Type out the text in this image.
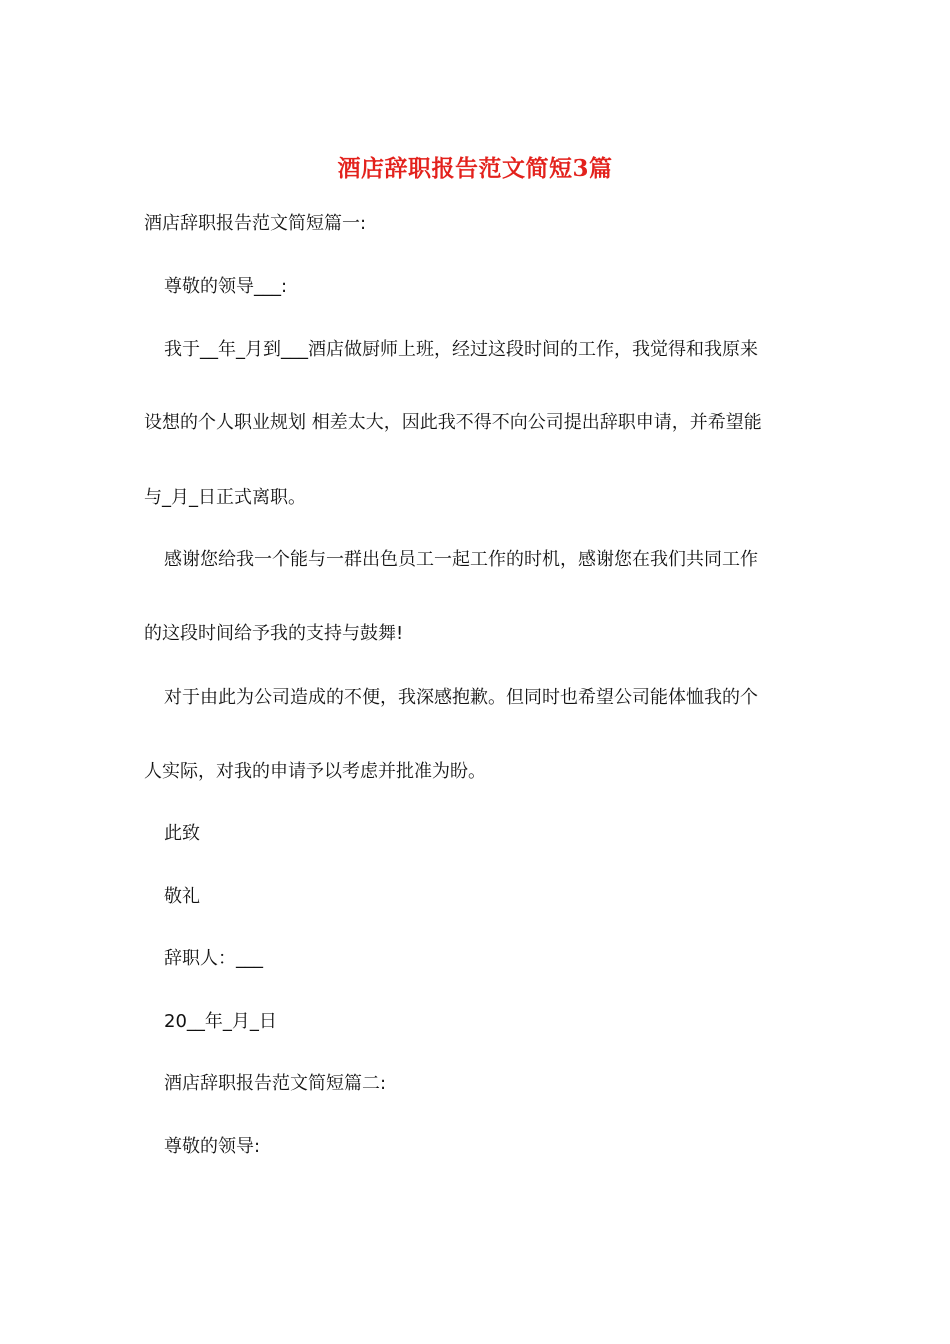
酒店辞职报告范文简短3篇

酒店辞职报告范文简短篇一:

尊敬的领导___:

我于__年_月到___酒店做厨师上班，经过这段时间的工作，我觉得和我原来

设想的个人职业规划 相差太大，因此我不得不向公司提出辞职申请，并希望能

与_月_日正式离职。

感谢您给我一个能与一群出色员工一起工作的时机，感谢您在我们共同工作

的这段时间给予我的支持与鼓舞!

对于由此为公司造成的不便，我深感抱歉。但同时也希望公司能体恤我的个

人实际，对我的申请予以考虑并批准为盼。

此致

敬礼

辞职人：___

20__年_月_日

酒店辞职报告范文简短篇二:

尊敬的领导:
